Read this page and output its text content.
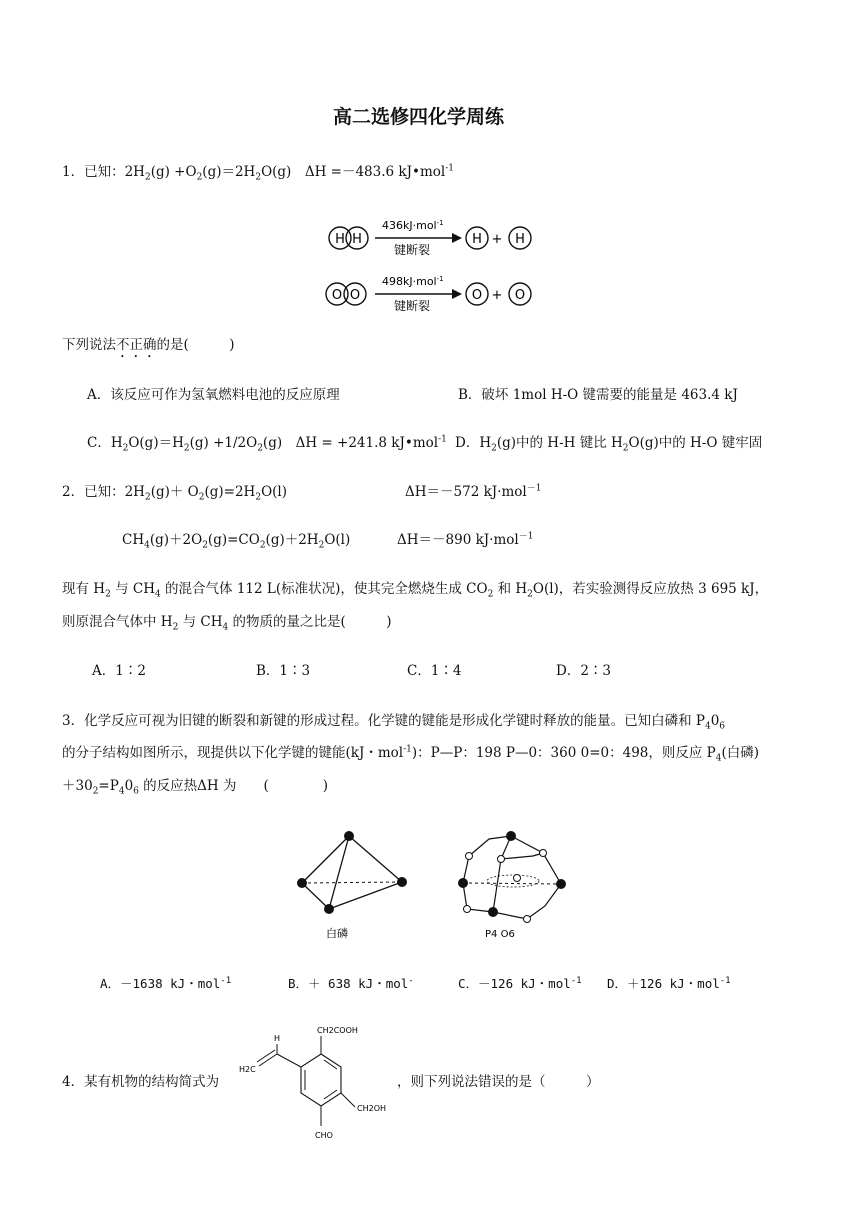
高二选修四化学周练
1．已知：$2H_2(g) +O_2(g)=2H_2O(g)$　ΔH =－483.6 kJ•mol$^{-1}$
H H
436kJ·mol$^{-1}$
键断裂
H + H
O O
498kJ·mol$^{-1}$
键断裂
O + O
下列说法不正确的是(　　　)
A．该反应可作为氢氧燃料电池的反应原理	B．破坏 1mol H-O 键需要的能量是 463.4 kJ
C．$H_2O(g)=H_2(g) +1/2O_2(g)$　ΔH = +241.8 kJ•mol$^{-1}$ D．$H_2(g)$中的 H-H 键比 $H_2O(g)$中的 H-O 键牢固
2．已知：$2H_2(g)+ O_2(g)=2H_2O(l)$	ΔH＝－572 kJ·mol$^{-1}$
$CH_4(g)+2O_2(g)=CO_2(g)+2H_2O(l)$	ΔH＝－890 kJ·mol$^{-1}$
现有 $H_2$ 与 $CH_4$ 的混合气体 112 L(标准状况)，使其完全燃烧生成 $CO_2$ 和 $H_2O(l)$，若实验测得反应放热 3 695 kJ，
则原混合气体中 $H_2$ 与 $CH_4$ 的物质的量之比是(　　　)
A．1∶2	B．1∶3	C．1∶4	D．2∶3
3．化学反应可视为旧键的断裂和新键的形成过程。化学键的键能是形成化学键时释放的能量。已知白磷和 $P_40_6$
的分子结构如图所示，现提供以下化学键的键能(kJ・mol$^{-1}$)：P—P：198 P—0：360 0=0：498，则反应 $P_4$(白磷)
$+30_2=P_40_6$ 的反应热ΔH 为　　(　　　　)
白磷	P4 O6
A．－1638 kJ・mol$^{-1}$	B．＋ 638 kJ・mol-	C．－126 kJ・mol$^{-1}$ D．＋126 kJ・mol$^{-1}$
4．某有机物的结构简式为
CH2COOH
H
H2C
CH2OH
CHO
，则下列说法错误的是（　　　）
